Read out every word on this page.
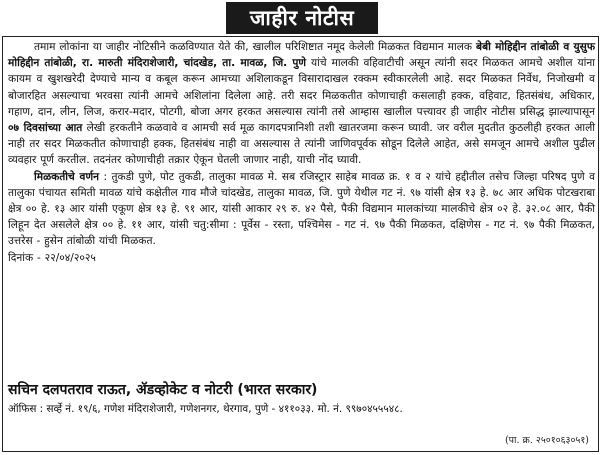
जाहीर नोटीस

तमाम लोकांना या जाहीर नोटिसीने कळविण्यात येते की, खालील परिशिष्टात नमूद केलेली मिळकत विद्यमान मालक बेबी मोहिद्दीन तांबोळी व युसुफ मोहिद्दीन तांबोळी, रा. मारुती मंदिराशेजारी, चांदखेड, ता. मावळ, जि. पुणे यांचे मालकी वहिवाटीची असून त्यांनी सदर मिळकत आमचे अशील यांना कायम व खुशखरेदी देण्याचे मान्य व कबूल करून आमच्या अशिलाकडून विसारादाखल रक्कम स्वीकारलेली आहे. सदर मिळकत निर्वेध, निजोखमी व बोजारहित असल्याचा भरवसा त्यांनी आमचे अशिलांना दिलेला आहे. तरी सदर मिळकतीत कोणाचाही कसलाही हक्क, वहिवाट, हितसंबंध, अधिकार, गहाण, दान, लीन, लिज, करार-मदार, पोटगी, बोजा अगर हरकत असल्यास त्यांनी तसे आम्हास खालील पत्त्यावर ही जाहीर नोटीस प्रसिद्ध झाल्यापासून ०७ दिवसांच्या आत लेखी हरकतीने कळवावे व आमची सर्व मूळ कागदपत्रानिशी तशी खातरजमा करून घ्यावी. जर वरील मुदतीत कुठलीही हरकत आली नाही तर सदर मिळकतीत कोणाचाही हक्क, हितसंबंध नाही वा असल्यास ते त्यांनी जाणिवपूर्वक सोडून दिलेले आहेत, असे समजून आमचे अशील पुढील व्यवहार पूर्ण करतील. तदनंतर कोणाचीही तक्रार ऐकून घेतली जाणार नाही, याची नोंद घ्यावी.

मिळकतीचे वर्णन : तुकडी पुणे, पोट तुकडी, तालुका मावळ मे. सब रजिस्ट्रार साहेब मावळ क्र. १ व २ यांचे हद्दीतील तसेच जिल्हा परिषद पुणे व तालुका पंचायत समिती मावळ यांचे कक्षेतील गाव मौजे चांदखेड, तालुका मावळ, जि. पुणे येथील गट नं. ९७ यांसी क्षेत्र १३ हे. ७८ आर अधिक पोटखराबा क्षेत्र ०० हे. १३ आर यांसी एकूण क्षेत्र १३ हे. ९१ आर, यांसी आकार २९ रु. ४२ पैसे, पैकी विद्यमान मालकांच्या मालकीचे क्षेत्र ०२ हे. ३२.०८ आर, पैकी लिहून देत असलेले क्षेत्र ०० हे. ११ आर, यांसी चतु:सीमा : पूर्वेस - रस्ता, पश्चिमेस - गट नं. ९७ पैकी मिळकत, दक्षिणेस - गट नं. ९७ पैकी मिळकत, उत्तरेस - हुसेन तांबोळी यांची मिळकत.

दिनांक - २२/०४/२०२५

सचिन दलपतराव राऊत, ॲडव्होकेट व नोटरी (भारत सरकार)
ऑफिस : सर्व्हे नं. १९/६, गणेश मंदिराशेजारी, गणेशनगर, थेरगाव, पुणे - ४११०३३. मो. नं. ९९७०४५५५४८.
(पा. क्र. २५०१०६३०५१)
